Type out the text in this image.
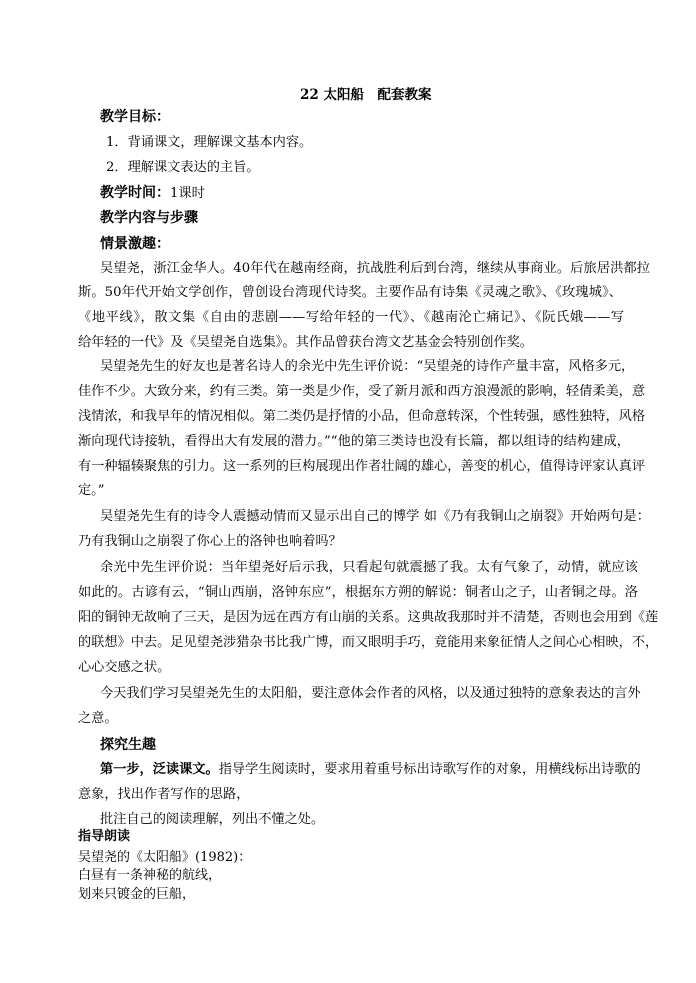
22 太阳船　配套教案
教学目标：
1．背诵课文，理解课文基本内容。
2．理解课文表达的主旨。
教学时间：1课时
教学内容与步骤
情景激趣：
吴望尧，浙江金华人。40年代在越南经商，抗战胜利后到台湾，继续从事商业。后旅居洪都拉
斯。50年代开始文学创作，曾创设台湾现代诗奖。主要作品有诗集《灵魂之歌》、《玫瑰城》、
《地平线》，散文集《自由的悲剧——写给年轻的一代》、《越南沦亡痛记》、《阮氏娥——写
给年轻的一代》及《吴望尧自选集》。其作品曾获台湾文艺基金会特别创作奖。
吴望尧先生的好友也是著名诗人的余光中先生评价说：“吴望尧的诗作产量丰富，风格多元，
佳作不少。大致分来，约有三类。第一类是少作，受了新月派和西方浪漫派的影响，轻倩柔美，意
浅情浓，和我早年的情况相似。第二类仍是抒情的小品，但命意转深，个性转强，感性独特，风格
渐向现代诗接轨，看得出大有发展的潜力。”“他的第三类诗也没有长篇，都以组诗的结构建成，
有一种辐辏聚焦的引力。这一系列的巨构展现出作者壮阔的雄心，善变的机心，值得诗评家认真评
定。”
吴望尧先生有的诗令人震撼动情而又显示出自己的博学 如《乃有我铜山之崩裂》开始两句是：
乃有我铜山之崩裂了你心上的洛钟也响着吗？
余光中先生评价说：当年望尧好后示我，只看起句就震撼了我。太有气象了，动情，就应该
如此的。古谚有云，“铜山西崩，洛钟东应”，根据东方朔的解说：铜者山之子，山者铜之母。洛
阳的铜钟无故响了三天，是因为远在西方有山崩的关系。这典故我那时并不清楚，否则也会用到《莲
的联想》中去。足见望尧涉猎杂书比我广博，而又眼明手巧，竟能用来象征情人之间心心相映，不，
心心交感之状。
今天我们学习吴望尧先生的太阳船，要注意体会作者的风格，以及通过独特的意象表达的言外
之意。
探究生趣
第一步，泛读课文。指导学生阅读时，要求用着重号标出诗歌写作的对象，用横线标出诗歌的
意象，找出作者写作的思路，
批注自己的阅读理解，列出不懂之处。
指导朗读
吴望尧的《太阳船》(1982)：
白昼有一条神秘的航线，
划来只镀金的巨船，
